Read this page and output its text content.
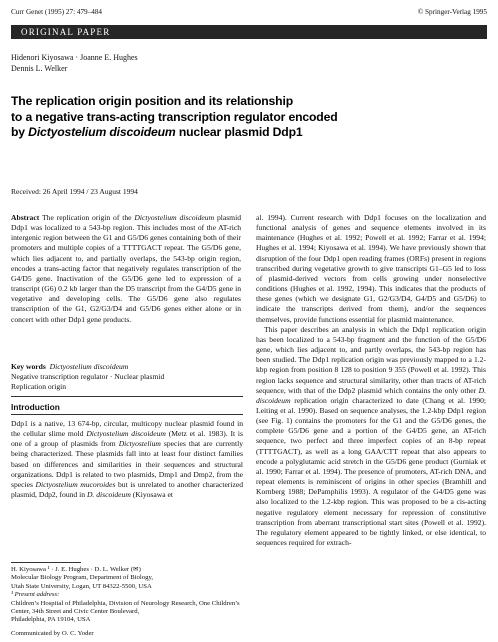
Curr Genet (1995) 27: 479–484	© Springer-Verlag 1995
ORIGINAL PAPER
Hidenori Kiyosawa · Joanne E. Hughes
Dennis L. Welker
The replication origin position and its relationship
to a negative trans-acting transcription regulator encoded
by Dictyostelium discoideum nuclear plasmid Ddp1
Received: 26 April 1994 / 23 August 1994

Abstract The replication origin of the Dictyostelium discoideum plasmid Ddp1 was localized to a 543-bp region. This includes most of the AT-rich intergenic region between the G1 and G5/D6 genes containing both of their promoters and multiple copies of a TTTTGACT repeat. The G5/D6 gene, which lies adjacent to, and partially overlaps, the 543-bp origin region, encodes a trans-acting factor that negatively regulates transcription of the G4/D5 gene. Inactivation of the G5/D6 gene led to expression of a transcript (G6) 0.2 kb larger than the D5 transcript from the G4/D5 gene in vegetative and developing cells. The G5/D6 gene also regulates transcription of the G1, G2/G3/D4 and G5/D6 genes either alone or in concert with other Ddp1 gene products.

Key words Dictyostelium discoideum
Negative transcription regulator · Nuclear plasmid
Replication origin
Introduction

Ddp1 is a native, 13 674-bp, circular, multicopy nuclear plasmid found in the cellular slime mold Dictyostelium discoideum (Metz et al. 1983). It is one of a group of plasmids from Dictyostelium species that are currently being characterized. These plasmids fall into at least four distinct families based on differences and similarities in their sequences and structural organizations. Ddp1 is related to two plasmids, Dmp1 and Dmp2, from the species Dictyostelium mucoroides but is unrelated to another characterized plasmid, Ddp2, found in D. discoideum (Kiyosawa et

H. Kiyosawa ¹ · J. E. Hughes · D. L. Welker (✉)
Molecular Biology Program, Department of Biology,
Utah State University, Logan, UT 84322-5500, USA
¹ Present address:
Children’s Hospital of Philadelphia, Division of Neurology Research, One Children’s Center, 34th Street and Civic Center Boulevard,
Philadelphia, PA 19104, USA
Communicated by O. C. Yoder

al. 1994). Current research with Ddp1 focuses on the localization and functional analysis of genes and sequence elements involved in its maintenance (Hughes et al. 1992; Powell et al. 1992; Farrar et al. 1994; Hughes et al. 1994; Kiyosawa et al. 1994). We have previously shown that disruption of the four Ddp1 open reading frames (ORFs) present in regions transcribed during vegetative growth to give transcripts G1–G5 led to loss of plasmid-derived vectors from cells growing under nonselective conditions (Hughes et al. 1992, 1994). This indicates that the products of these genes (which we designate G1, G2/G3/D4, G4/D5 and G5/D6) to indicate the transcripts derived from them), and/or the sequences themselves, provide functions essential for plasmid maintenance.

This paper describes an analysis in which the Ddp1 replication origin has been localized to a 543-bp fragment and the function of the G5/D6 gene, which lies adjacent to, and partly overlaps, the 543-bp region has been studied. The Ddp1 replication origin was previously mapped to a 1.2-kbp region from position 8 128 to position 9 355 (Powell et al. 1992). This region lacks sequence and structural similarity, other than tracts of AT-rich sequence, with that of the Ddp2 plasmid which contains the only other D. discoideum replication origin characterized to date (Chang et al. 1990; Leiting et al. 1990). Based on sequence analyses, the 1.2-kbp Ddp1 region (see Fig. 1) contains the promoters for the G1 and the G5/D6 genes, the complete G5/D6 gene and a portion of the G4/D5 gene, an AT-rich sequence, two perfect and three imperfect copies of an 8-bp repeat (TTTTGACT), as well as a long GAA/CTT repeat that also appears to encode a polyglutamic acid stretch in the G5/D6 gene product (Gurniak et al. 1990; Farrar et al. 1994). The presence of promoters, AT-rich DNA, and repeat elements is reminiscent of origins in other species (Bramhill and Kornberg 1988; DePamphilis 1993). A regulator of the G4/D5 gene was also localized to the 1.2-kbp region. This was proposed to be a cis-acting negative regulatory element necessary for repression of constitutive transcription from aberrant transcriptional start sites (Powell et al. 1992). The regulatory element appeared to be tightly linked, or else identical, to sequences required for extrach-
